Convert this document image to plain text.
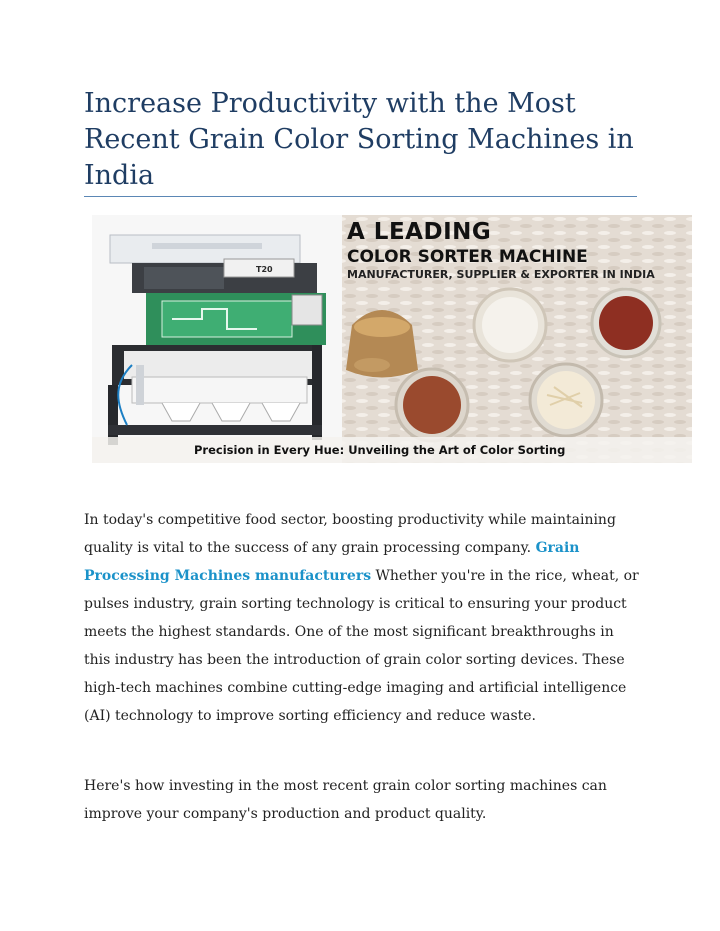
Increase Productivity with the Most Recent Grain Color Sorting Machines in India
A LEADING
COLOR SORTER MACHINE
MANUFACTURER, SUPPLIER & EXPORTER IN INDIA
T20
Precision in Every Hue: Unveiling the Art of Color Sorting

In today's competitive food sector, boosting productivity while maintaining quality is vital to the success of any grain processing company. Grain Processing Machines manufacturers Whether you're in the rice, wheat, or pulses industry, grain sorting technology is critical to ensuring your product meets the highest standards. One of the most significant breakthroughs in this industry has been the introduction of grain color sorting devices. These high-tech machines combine cutting-edge imaging and artificial intelligence (AI) technology to improve sorting efficiency and reduce waste.

Here's how investing in the most recent grain color sorting machines can improve your company's production and product quality.
